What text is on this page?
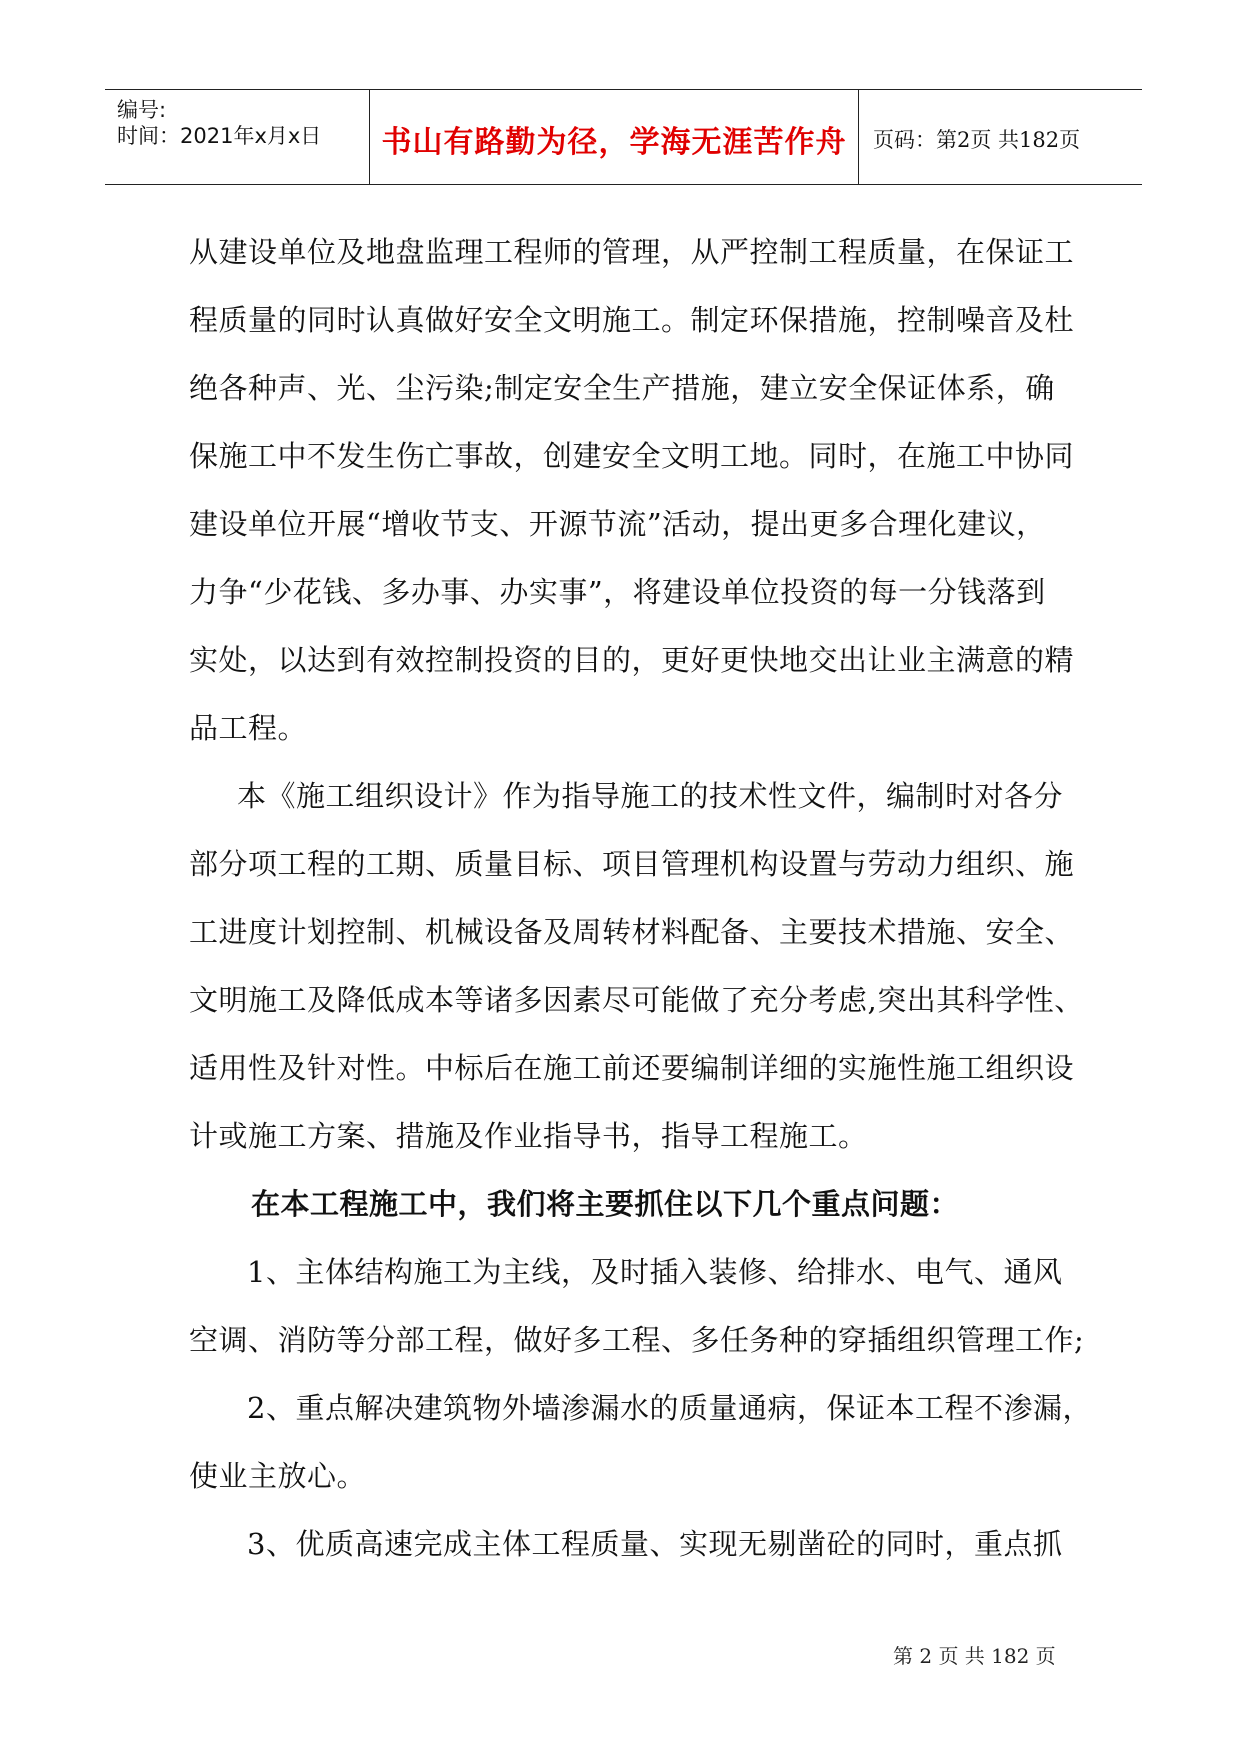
编号:
时间：2021年x月x日	书山有路勤为径，学海无涯苦作舟	页码：第2页 共182页
从建设单位及地盘监理工程师的管理，从严控制工程质量，在保证工
程质量的同时认真做好安全文明施工。制定环保措施，控制噪音及杜
绝各种声、光、尘污染;制定安全生产措施，建立安全保证体系，确
保施工中不发生伤亡事故，创建安全文明工地。同时，在施工中协同
建设单位开展“增收节支、开源节流”活动，提出更多合理化建议，
力争“少花钱、多办事、办实事”，将建设单位投资的每一分钱落到
实处，以达到有效控制投资的目的，更好更快地交出让业主满意的精
品工程。
本《施工组织设计》作为指导施工的技术性文件，编制时对各分
部分项工程的工期、质量目标、项目管理机构设置与劳动力组织、施
工进度计划控制、机械设备及周转材料配备、主要技术措施、安全、
文明施工及降低成本等诸多因素尽可能做了充分考虑,突出其科学性、
适用性及针对性。中标后在施工前还要编制详细的实施性施工组织设
计或施工方案、措施及作业指导书，指导工程施工。
在本工程施工中，我们将主要抓住以下几个重点问题：
1、主体结构施工为主线，及时插入装修、给排水、电气、通风
空调、消防等分部工程，做好多工程、多任务种的穿插组织管理工作;
2、重点解决建筑物外墙渗漏水的质量通病，保证本工程不渗漏，
使业主放心。
3、优质高速完成主体工程质量、实现无剔凿砼的同时，重点抓
第 2 页 共 182 页
